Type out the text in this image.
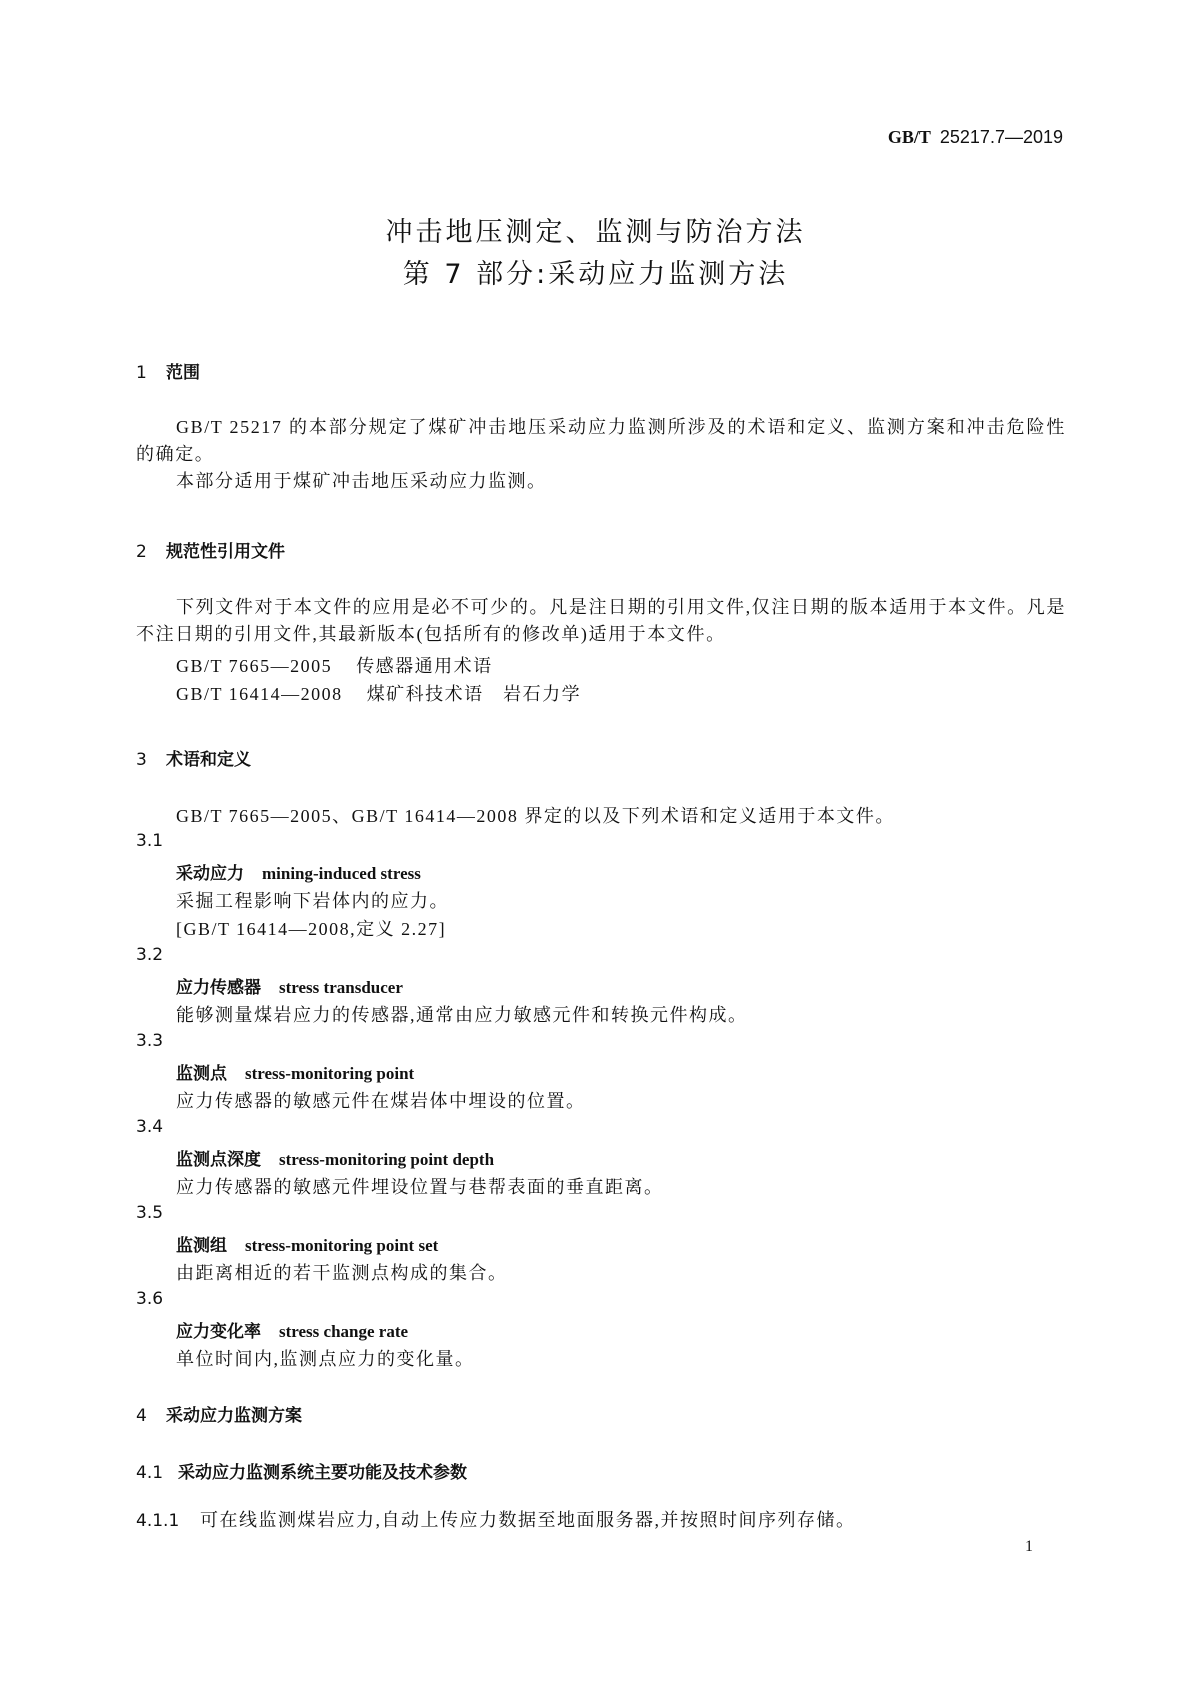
GB/T 25217.7—2019
冲击地压测定、监测与防治方法
第 7 部分:采动应力监测方法
1 范围
GB/T 25217 的本部分规定了煤矿冲击地压采动应力监测所涉及的术语和定义、监测方案和冲击危险性的确定。
本部分适用于煤矿冲击地压采动应力监测。
2 规范性引用文件
下列文件对于本文件的应用是必不可少的。凡是注日期的引用文件,仅注日期的版本适用于本文件。凡是不注日期的引用文件,其最新版本(包括所有的修改单)适用于本文件。
GB/T 7665—2005 传感器通用术语
GB/T 16414—2008 煤矿科技术语　岩石力学
3 术语和定义
GB/T 7665—2005、GB/T 16414—2008 界定的以及下列术语和定义适用于本文件。
3.1
采动应力 mining-induced stress
采掘工程影响下岩体内的应力。
[GB/T 16414—2008,定义 2.27]
3.2
应力传感器 stress transducer
能够测量煤岩应力的传感器,通常由应力敏感元件和转换元件构成。
3.3
监测点 stress-monitoring point
应力传感器的敏感元件在煤岩体中埋设的位置。
3.4
监测点深度 stress-monitoring point depth
应力传感器的敏感元件埋设位置与巷帮表面的垂直距离。
3.5
监测组 stress-monitoring point set
由距离相近的若干监测点构成的集合。
3.6
应力变化率 stress change rate
单位时间内,监测点应力的变化量。
4 采动应力监测方案
4.1 采动应力监测系统主要功能及技术参数
4.1.1 可在线监测煤岩应力,自动上传应力数据至地面服务器,并按照时间序列存储。
1
